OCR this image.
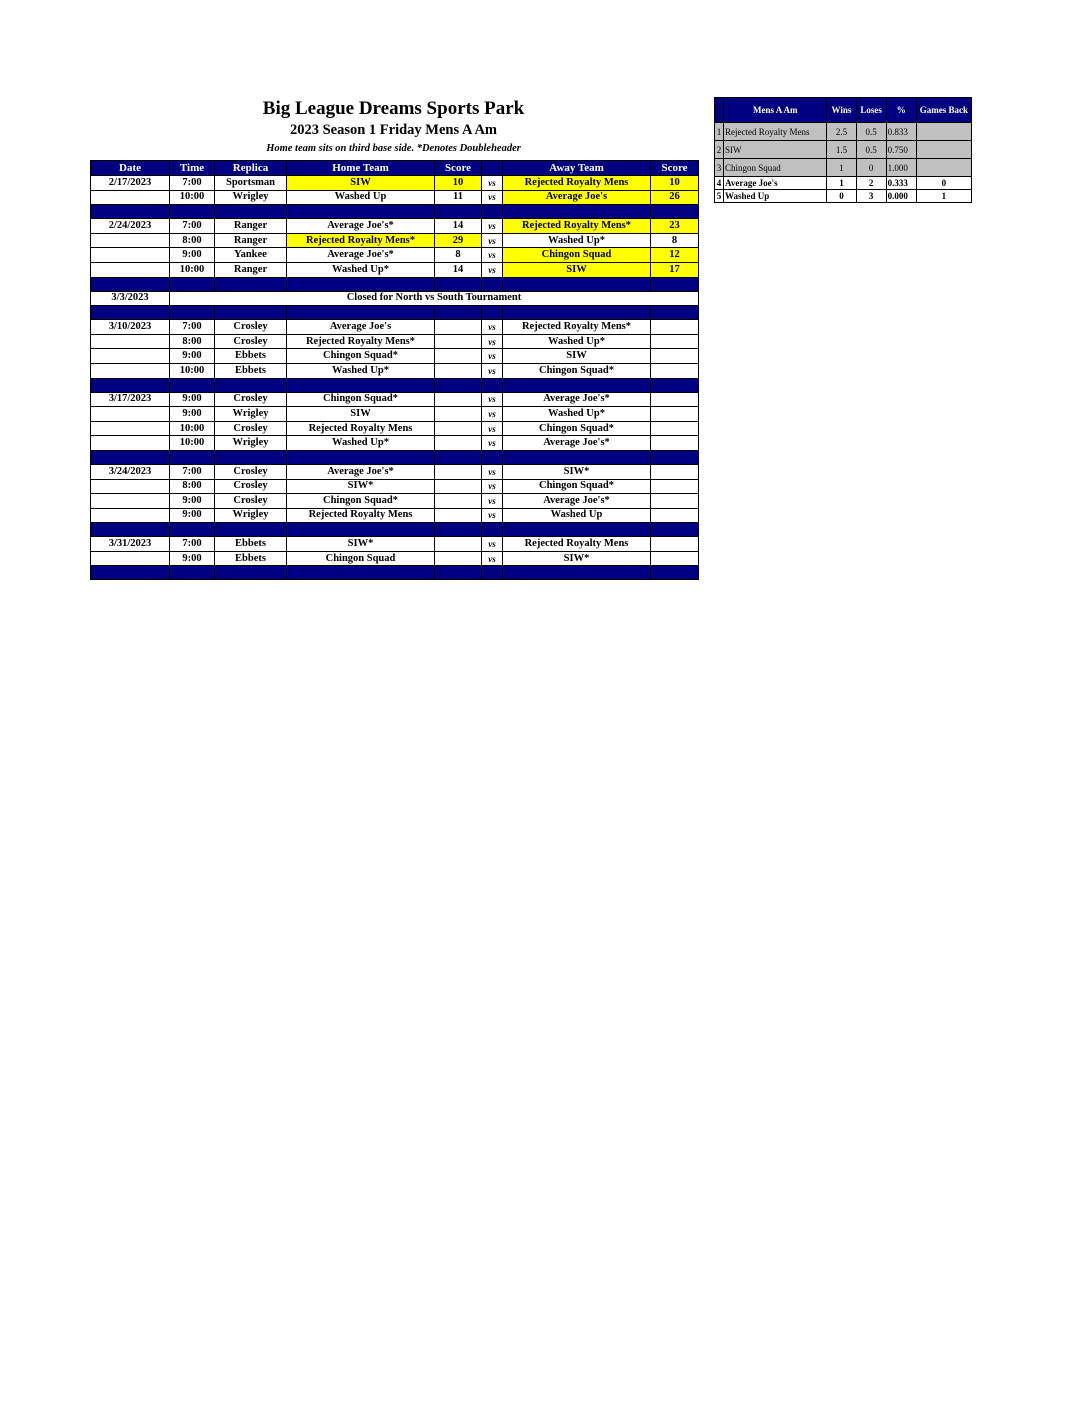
Big League Dreams Sports Park
2023 Season 1 Friday Mens A Am
Home team sits on third base side. *Denotes Doubleheader
Date	Time	Replica	Home Team	Score		Away Team	Score
2/17/2023	7:00	Sportsman	SIW	10	vs	Rejected Royalty Mens	10
	10:00	Wrigley	Washed Up	11	vs	Average Joe's	26

2/24/2023	7:00	Ranger	Average Joe's*	14	vs	Rejected Royalty Mens*	23
	8:00	Ranger	Rejected Royalty Mens*	29	vs	Washed Up*	8
	9:00	Yankee	Average Joe's*	8	vs	Chingon Squad	12
	10:00	Ranger	Washed Up*	14	vs	SIW	17

3/3/2023	Closed for North vs South Tournament						

3/10/2023	7:00	Crosley	Average Joe's		vs	Rejected Royalty Mens*	
	8:00	Crosley	Rejected Royalty Mens*		vs	Washed Up*	
	9:00	Ebbets	Chingon Squad*		vs	SIW	
	10:00	Ebbets	Washed Up*		vs	Chingon Squad*	

3/17/2023	9:00	Crosley	Chingon Squad*		vs	Average Joe's*	
	9:00	Wrigley	SIW		vs	Washed Up*	
	10:00	Crosley	Rejected Royalty Mens		vs	Chingon Squad*	
	10:00	Wrigley	Washed Up*		vs	Average Joe's*	

3/24/2023	7:00	Crosley	Average Joe's*		vs	SIW*	
	8:00	Crosley	SIW*		vs	Chingon Squad*	
	9:00	Crosley	Chingon Squad*		vs	Average Joe's*	
	9:00	Wrigley	Rejected Royalty Mens		vs	Washed Up	

3/31/2023	7:00	Ebbets	SIW*		vs	Rejected Royalty Mens	
	9:00	Ebbets	Chingon Squad		vs	SIW*	

	Mens A Am	Wins	Loses	%	Games Back
1	Rejected Royalty Mens	2.5	0.5	0.833	
2	SIW	1.5	0.5	0.750	
3	Chingon Squad	1	0	1.000	
4	Average Joe's	1	2	0.333	0
5	Washed Up	0	3	0.000	1
